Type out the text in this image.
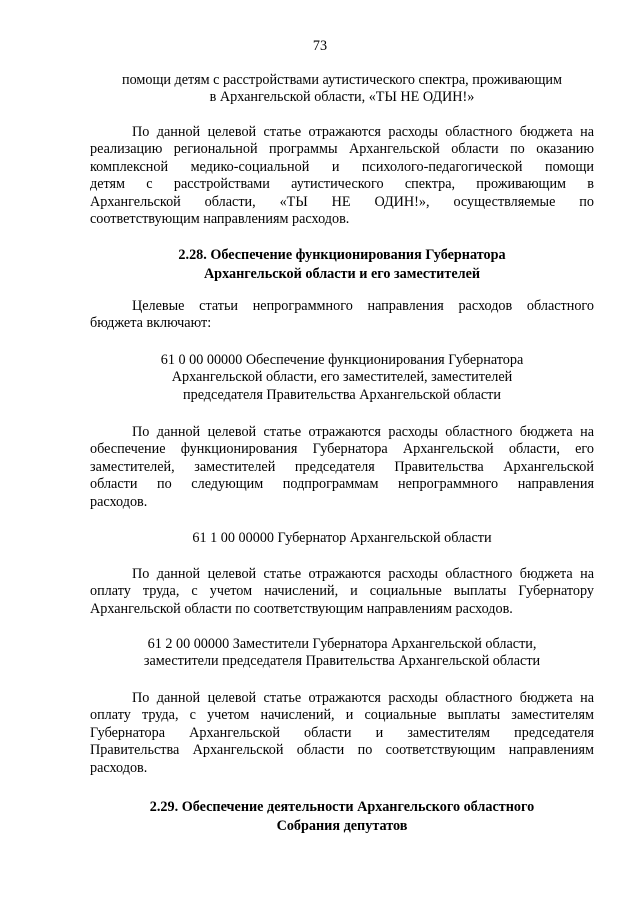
73
помощи детям с расстройствами аутистического спектра, проживающим
в Архангельской области, «ТЫ НЕ ОДИН!»
По данной целевой статье отражаются расходы областного бюджета на
реализацию региональной программы Архангельской области по оказанию
комплексной медико-социальной и психолого-педагогической помощи
детям с расстройствами аутистического спектра, проживающим в
Архангельской области, «ТЫ НЕ ОДИН!», осуществляемые по
соответствующим направлениям расходов.
2.28. Обеспечение функционирования Губернатора
Архангельской области и его заместителей
Целевые статьи непрограммного направления расходов областного
бюджета включают:
61 0 00 00000 Обеспечение функционирования Губернатора
Архангельской области, его заместителей, заместителей
председателя Правительства Архангельской области
По данной целевой статье отражаются расходы областного бюджета на
обеспечение функционирования Губернатора Архангельской области, его
заместителей, заместителей председателя Правительства Архангельской
области по следующим подпрограммам непрограммного направления
расходов.
61 1 00 00000 Губернатор Архангельской области
По данной целевой статье отражаются расходы областного бюджета на
оплату труда, с учетом начислений, и социальные выплаты Губернатору
Архангельской области по соответствующим направлениям расходов.
61 2 00 00000 Заместители Губернатора Архангельской области,
заместители председателя Правительства Архангельской области
По данной целевой статье отражаются расходы областного бюджета на
оплату труда, с учетом начислений, и социальные выплаты заместителям
Губернатора Архангельской области и заместителям председателя
Правительства Архангельской области по соответствующим направлениям
расходов.
2.29. Обеспечение деятельности Архангельского областного
Собрания депутатов
